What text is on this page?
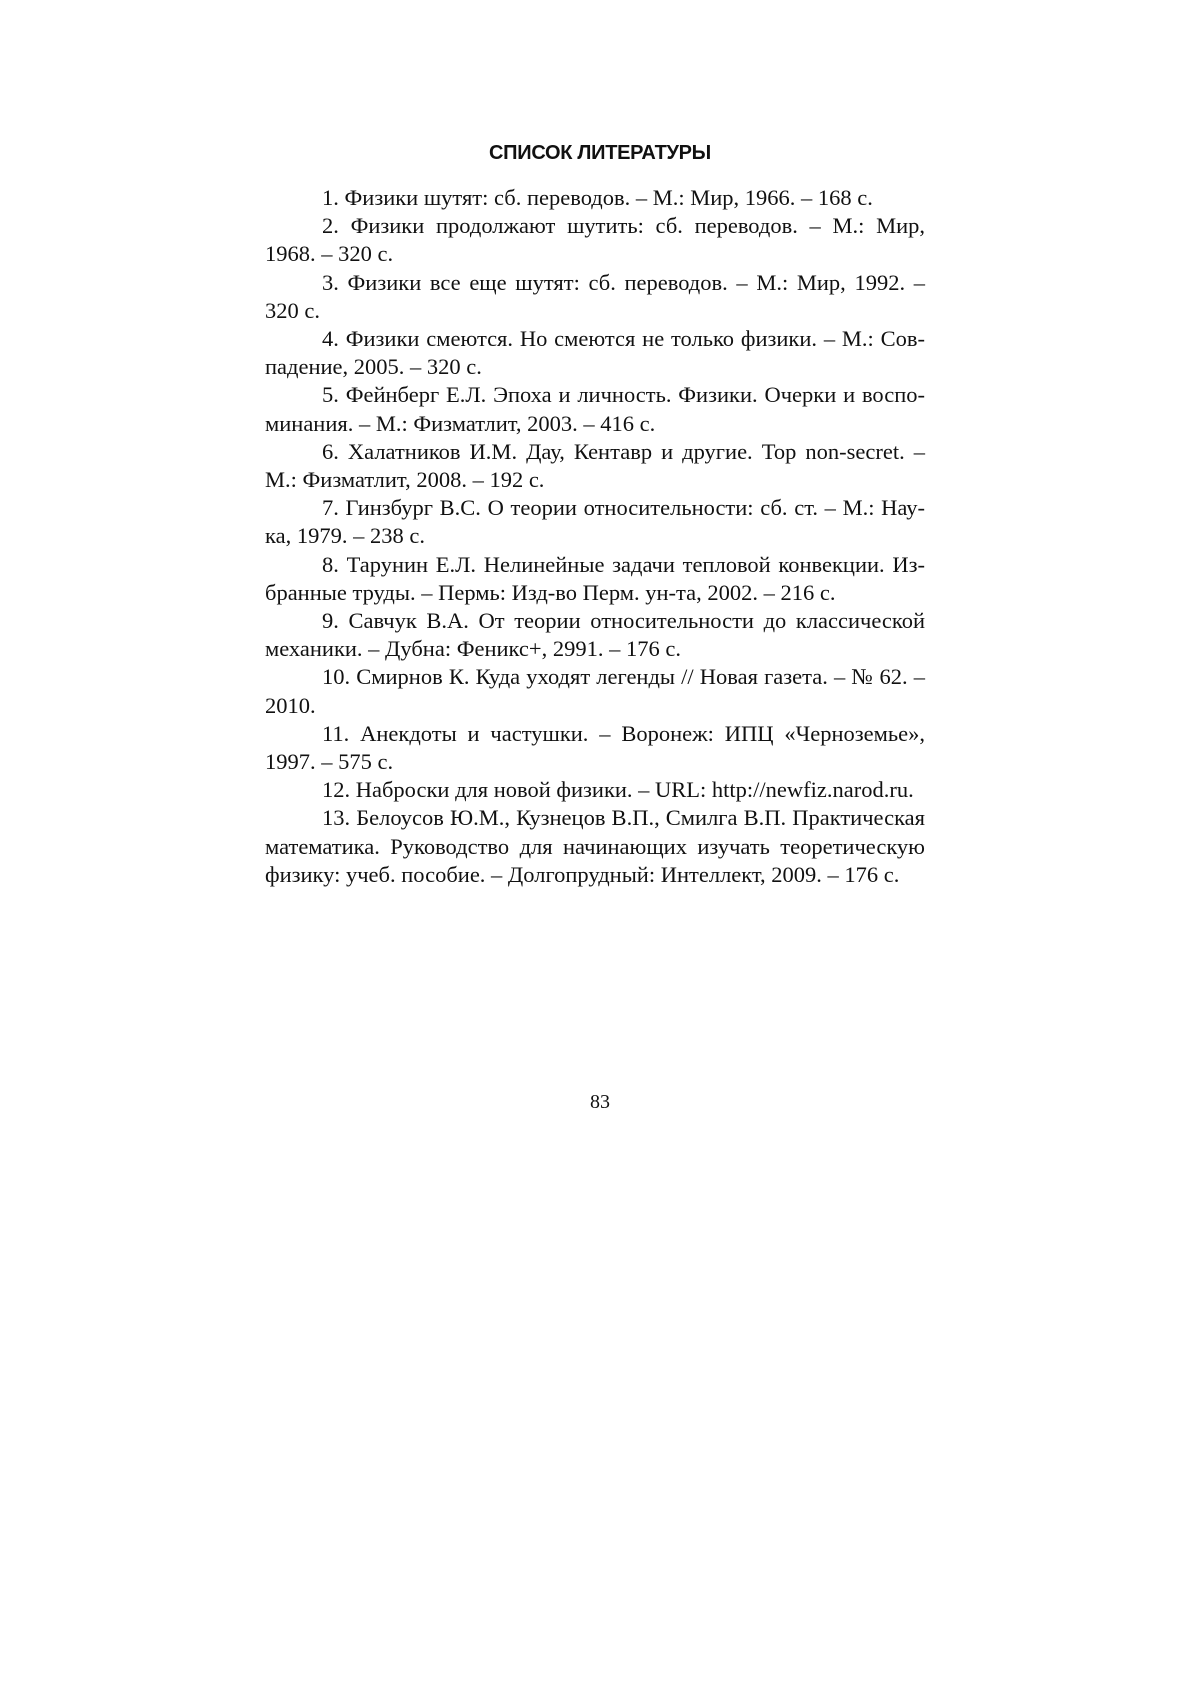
СПИСОК ЛИТЕРАТУРЫ
1. Физики шутят: сб. переводов. – М.: Мир, 1966. – 168 с.
2. Физики продолжают шутить: сб. переводов. – М.: Мир, 1968. – 320 с.
3. Физики все еще шутят: сб. переводов. – М.: Мир, 1992. – 320 с.
4. Физики смеются. Но смеются не только физики. – М.: Совпадение, 2005. – 320 с.
5. Фейнберг Е.Л. Эпоха и личность. Физики. Очерки и воспоминания. – М.: Физматлит, 2003. – 416 с.
6. Халатников И.М. Дау, Кентавр и другие. Top non-secret. – М.: Физматлит, 2008. – 192 с.
7. Гинзбург В.С. О теории относительности: сб. ст. – М.: Наука, 1979. – 238 с.
8. Тарунин Е.Л. Нелинейные задачи тепловой конвекции. Избранные труды. – Пермь: Изд-во Перм. ун-та, 2002. – 216 с.
9. Савчук В.А. От теории относительности до классической механики. – Дубна: Феникс+, 2991. – 176 с.
10. Смирнов К. Куда уходят легенды // Новая газета. – № 62. – 2010.
11. Анекдоты и частушки. – Воронеж: ИПЦ «Черноземье», 1997. – 575 с.
12. Наброски для новой физики. – URL: http://newfiz.narod.ru.
13. Белоусов Ю.М., Кузнецов В.П., Смилга В.П. Практическая математика. Руководство для начинающих изучать теоретическую физику: учеб. пособие. – Долгопрудный: Интеллект, 2009. – 176 с.
83
